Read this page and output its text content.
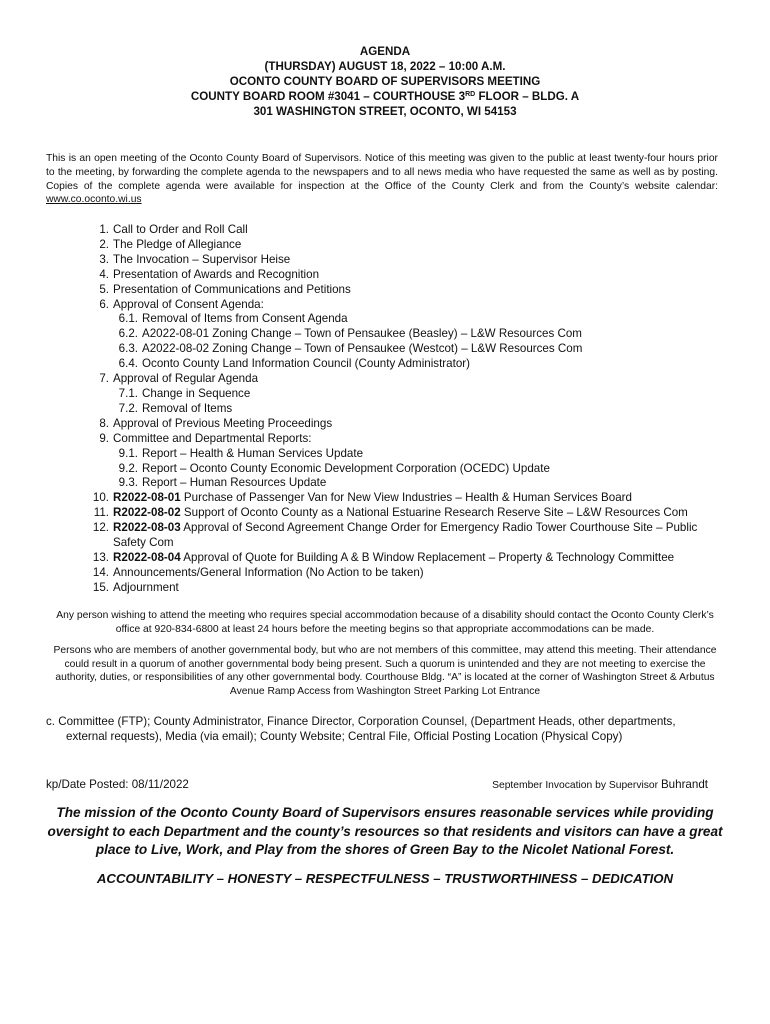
AGENDA
(THURSDAY) AUGUST 18, 2022 – 10:00 A.M.
OCONTO COUNTY BOARD OF SUPERVISORS MEETING
COUNTY BOARD ROOM #3041 – COURTHOUSE 3RD FLOOR – BLDG. A
301 WASHINGTON STREET, OCONTO, WI 54153
This is an open meeting of the Oconto County Board of Supervisors. Notice of this meeting was given to the public at least twenty-four hours prior to the meeting, by forwarding the complete agenda to the newspapers and to all news media who have requested the same as well as by posting. Copies of the complete agenda were available for inspection at the Office of the County Clerk and from the County’s website calendar: www.co.oconto.wi.us
1. Call to Order and Roll Call
2. The Pledge of Allegiance
3. The Invocation – Supervisor Heise
4. Presentation of Awards and Recognition
5. Presentation of Communications and Petitions
6. Approval of Consent Agenda:
6.1. Removal of Items from Consent Agenda
6.2. A2022-08-01 Zoning Change – Town of Pensaukee (Beasley) – L&W Resources Com
6.3. A2022-08-02 Zoning Change – Town of Pensaukee (Westcot) – L&W Resources Com
6.4. Oconto County Land Information Council (County Administrator)
7. Approval of Regular Agenda
7.1. Change in Sequence
7.2. Removal of Items
8. Approval of Previous Meeting Proceedings
9. Committee and Departmental Reports:
9.1. Report – Health & Human Services Update
9.2. Report – Oconto County Economic Development Corporation (OCEDC) Update
9.3. Report – Human Resources Update
10. R2022-08-01 Purchase of Passenger Van for New View Industries – Health & Human Services Board
11. R2022-08-02 Support of Oconto County as a National Estuarine Research Reserve Site – L&W Resources Com
12. R2022-08-03 Approval of Second Agreement Change Order for Emergency Radio Tower Courthouse Site – Public Safety Com
13. R2022-08-04 Approval of Quote for Building A & B Window Replacement – Property & Technology Committee
14. Announcements/General Information (No Action to be taken)
15. Adjournment
Any person wishing to attend the meeting who requires special accommodation because of a disability should contact the Oconto County Clerk’s office at 920-834-6800 at least 24 hours before the meeting begins so that appropriate accommodations can be made.
Persons who are members of another governmental body, but who are not members of this committee, may attend this meeting. Their attendance could result in a quorum of another governmental body being present. Such a quorum is unintended and they are not meeting to exercise the authority, duties, or responsibilities of any other governmental body. Courthouse Bldg. “A” is located at the corner of Washington Street & Arbutus Avenue Ramp Access from Washington Street Parking Lot Entrance
c. Committee (FTP); County Administrator, Finance Director, Corporation Counsel, (Department Heads, other departments, external requests), Media (via email); County Website; Central File, Official Posting Location (Physical Copy)
kp/Date Posted: 08/11/2022	September Invocation by Supervisor Buhrandt
The mission of the Oconto County Board of Supervisors ensures reasonable services while providing oversight to each Department and the county’s resources so that residents and visitors can have a great place to Live, Work, and Play from the shores of Green Bay to the Nicolet National Forest.
ACCOUNTABILITY – HONESTY – RESPECTFULNESS – TRUSTWORTHINESS – DEDICATION
